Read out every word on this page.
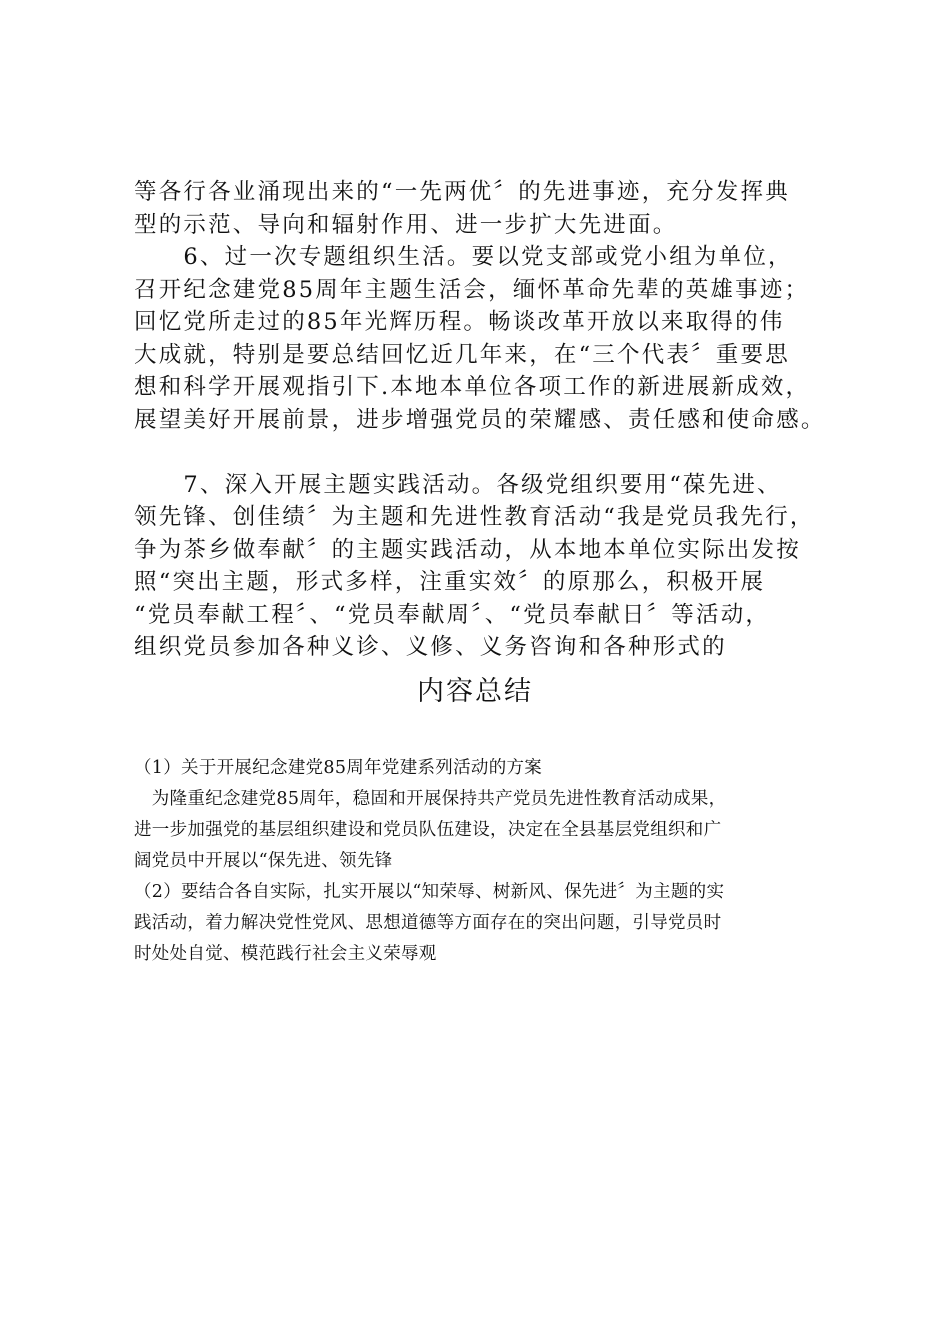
等各行各业涌现出来的“一先两优〞的先进事迹，充分发挥典
型的示范、导向和辐射作用、进一步扩大先进面。
　　6、过一次专题组织生活。要以党支部或党小组为单位，
召开纪念建党85周年主题生活会，缅怀革命先辈的英雄事迹；
回忆党所走过的85年光辉历程。畅谈改革开放以来取得的伟
大成就，特别是要总结回忆近几年来，在“三个代表〞重要思
想和科学开展观指引下.本地本单位各项工作的新进展新成效，
展望美好开展前景，进步增强党员的荣耀感、责任感和使命感。
　　7、深入开展主题实践活动。各级党组织要用“葆先进、
领先锋、创佳绩〞为主题和先进性教育活动“我是党员我先行，
争为茶乡做奉献〞的主题实践活动，从本地本单位实际出发按
照“突出主题，形式多样，注重实效〞的原那么，积极开展
“党员奉献工程〞、“党员奉献周〞、“党员奉献日〞等活动，
组织党员参加各种义诊、义修、义务咨询和各种形式的
内容总结
（1）关于开展纪念建党85周年党建系列活动的方案
　为隆重纪念建党85周年，稳固和开展保持共产党员先进性教育活动成果，
进一步加强党的基层组织建设和党员队伍建设，决定在全县基层党组织和广
阔党员中开展以“保先进、领先锋
（2）要结合各自实际，扎实开展以“知荣辱、树新风、保先进〞为主题的实
践活动，着力解决党性党风、思想道德等方面存在的突出问题，引导党员时
时处处自觉、模范践行社会主义荣辱观
